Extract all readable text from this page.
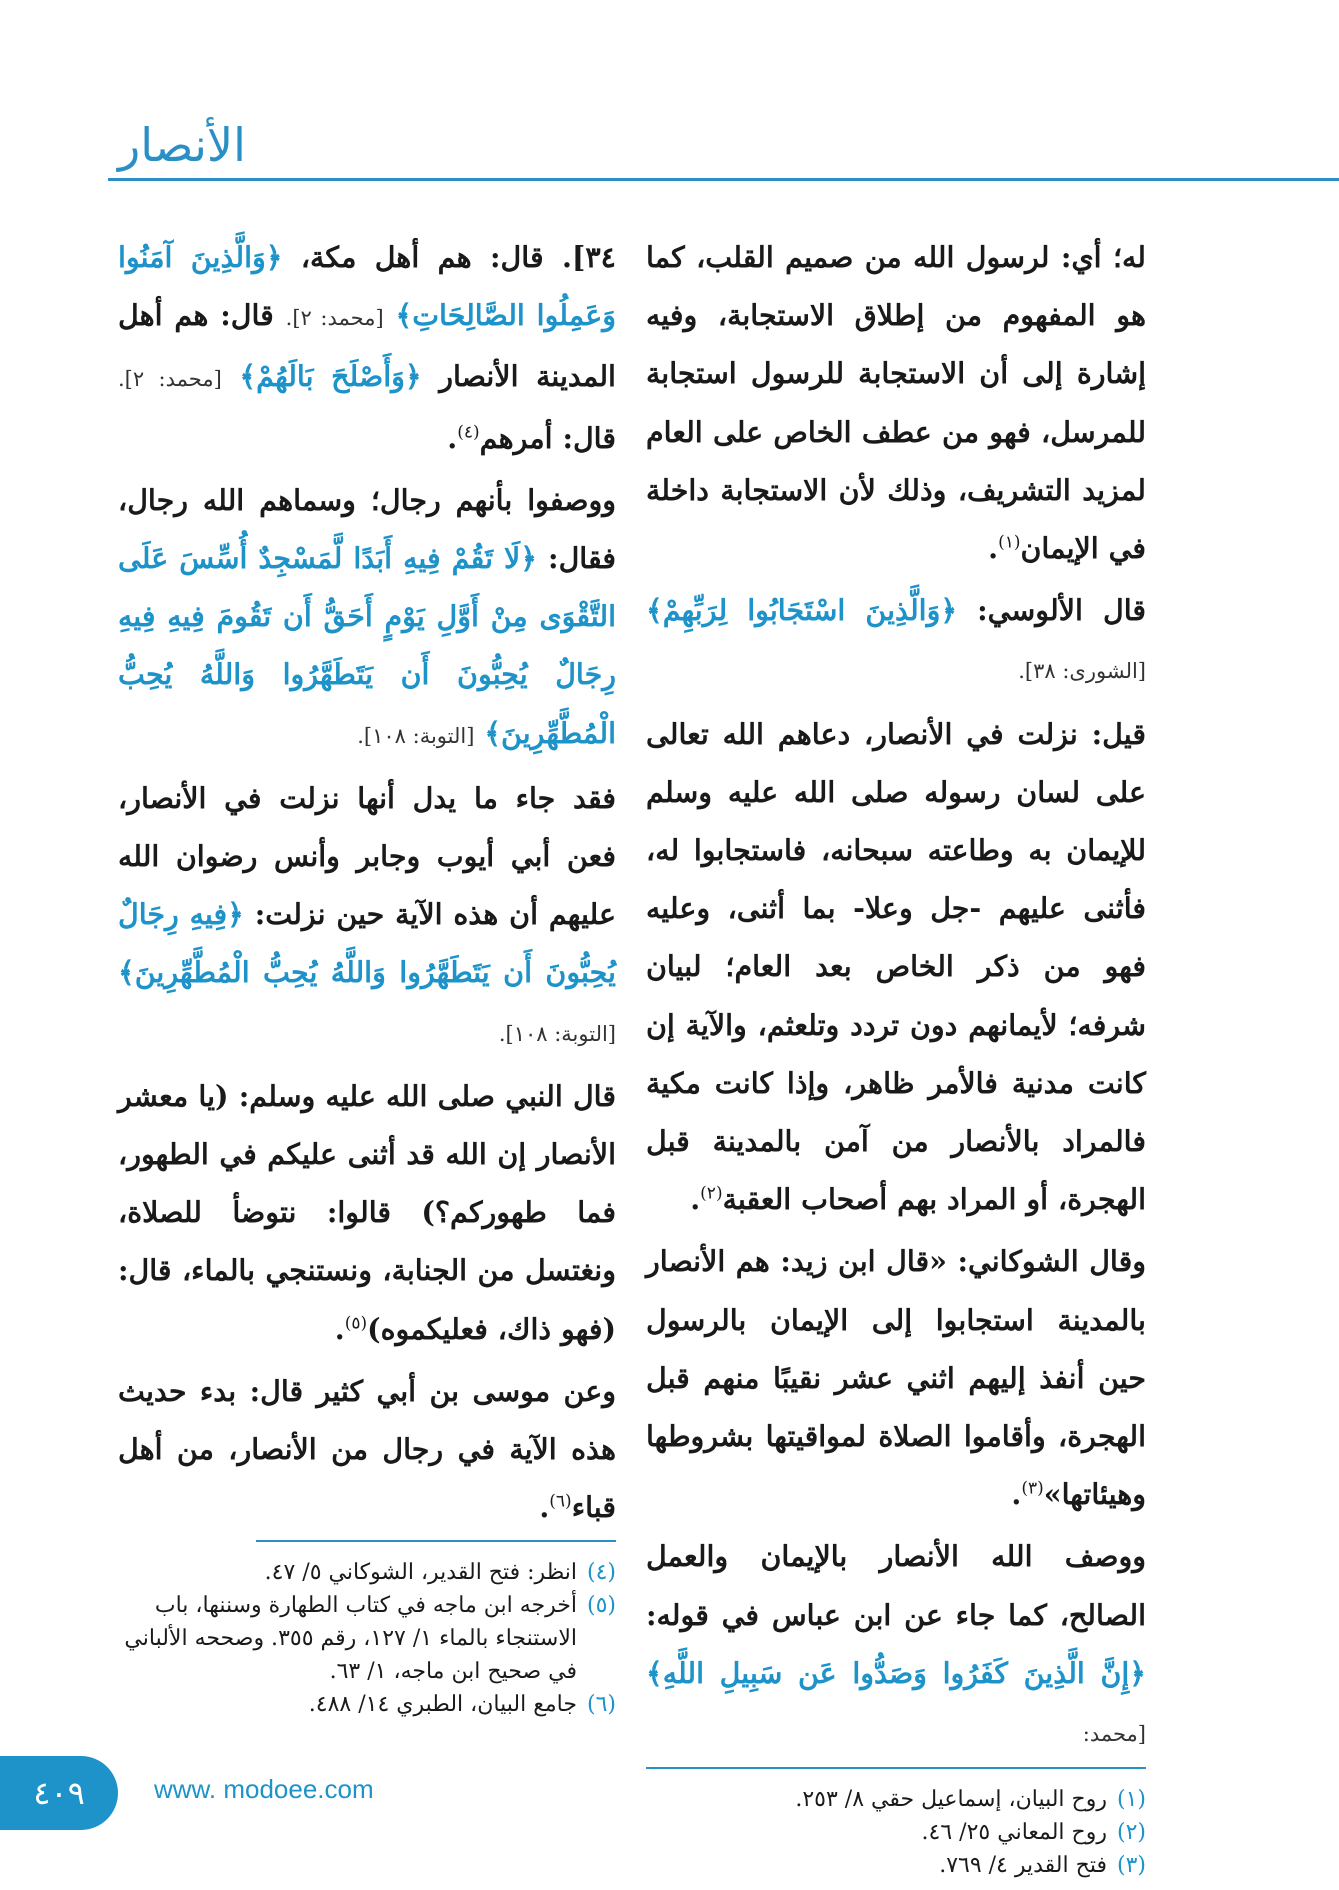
الأنصار

له؛ أي: لرسول الله من صميم القلب، كما هو المفهوم من إطلاق الاستجابة، وفيه إشارة إلى أن الاستجابة للرسول استجابة للمرسل، فهو من عطف الخاص على العام لمزيد التشريف، وذلك لأن الاستجابة داخلة في الإيمان$^{(١)}$.

قال الألوسي: ﴿وَالَّذِينَ اسْتَجَابُوا لِرَبِّهِمْ﴾ [الشورى: ٣٨].

قيل: نزلت في الأنصار، دعاهم الله تعالى على لسان رسوله صلى الله عليه وسلم للإيمان به وطاعته سبحانه، فاستجابوا له، فأثنى عليهم -جل وعلا- بما أثنى، وعليه فهو من ذكر الخاص بعد العام؛ لبيان شرفه؛ لأيمانهم دون تردد وتلعثم، والآية إن كانت مدنية فالأمر ظاهر، وإذا كانت مكية فالمراد بالأنصار من آمن بالمدينة قبل الهجرة، أو المراد بهم أصحاب العقبة$^{(٢)}$.

وقال الشوكاني: «قال ابن زيد: هم الأنصار بالمدينة استجابوا إلى الإيمان بالرسول حين أنفذ إليهم اثني عشر نقيبًا منهم قبل الهجرة، وأقاموا الصلاة لمواقيتها بشروطها وهيئاتها»$^{(٣)}$.

ووصف الله الأنصار بالإيمان والعمل الصالح، كما جاء عن ابن عباس في قوله: ﴿إِنَّ الَّذِينَ كَفَرُوا وَصَدُّوا عَن سَبِيلِ اللَّهِ﴾ [محمد:

(١)
روح البيان، إسماعيل حقي ٨/ ٢٥٣.
(٢)
روح المعاني ٢٥/ ٤٦.
(٣)
فتح القدير ٤/ ٧٦٩.

٣٤]. قال: هم أهل مكة، ﴿وَالَّذِينَ آمَنُوا وَعَمِلُوا الصَّالِحَاتِ﴾ [محمد: ٢]. قال: هم أهل المدينة الأنصار ﴿وَأَصْلَحَ بَالَهُمْ﴾ [محمد: ٢]. قال: أمرهم$^{(٤)}$.

ووصفوا بأنهم رجال؛ وسماهم الله رجال، فقال: ﴿لَا تَقُمْ فِيهِ أَبَدًا لَّمَسْجِدٌ أُسِّسَ عَلَى التَّقْوَى مِنْ أَوَّلِ يَوْمٍ أَحَقُّ أَن تَقُومَ فِيهِ فِيهِ رِجَالٌ يُحِبُّونَ أَن يَتَطَهَّرُوا وَاللَّهُ يُحِبُّ الْمُطَّهِّرِينَ﴾ [التوبة: ١٠٨].

فقد جاء ما يدل أنها نزلت في الأنصار، فعن أبي أيوب وجابر وأنس رضوان الله عليهم أن هذه الآية حين نزلت: ﴿فِيهِ رِجَالٌ يُحِبُّونَ أَن يَتَطَهَّرُوا وَاللَّهُ يُحِبُّ الْمُطَّهِّرِينَ﴾ [التوبة: ١٠٨].

قال النبي صلى الله عليه وسلم: (يا معشر الأنصار إن الله قد أثنى عليكم في الطهور، فما طهوركم؟) قالوا: نتوضأ للصلاة، ونغتسل من الجنابة، ونستنجي بالماء، قال: (فهو ذاك، فعليكموه)$^{(٥)}$.

وعن موسى بن أبي كثير قال: بدء حديث هذه الآية في رجال من الأنصار، من أهل قباء$^{(٦)}$.

(٤)
انظر: فتح القدير، الشوكاني ٥/ ٤٧.
(٥)
أخرجه ابن ماجه في كتاب الطهارة وسننها، باب الاستنجاء بالماء ١/ ١٢٧، رقم ٣٥٥. وصححه الألباني في صحيح ابن ماجه، ١/ ٦٣.
(٦)
جامع البيان، الطبري ١٤/ ٤٨٨.
٤٠٩	www. modoee.com
